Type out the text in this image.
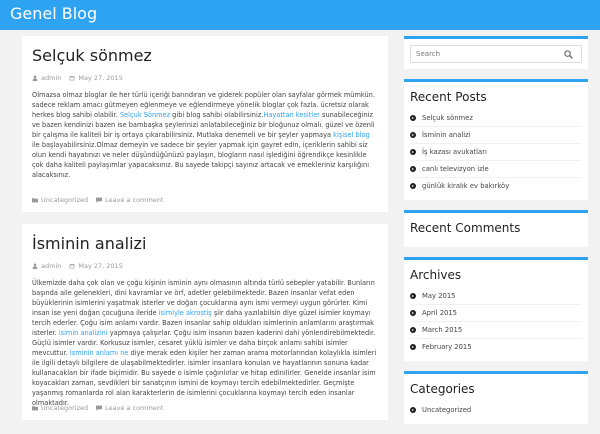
Genel Blog
Selçuk sönmez
admin	May 27, 2015
Olmazsa olmaz bloglar ile her türlü içeriği barındıran ve giderek popüler olan sayfalar görmek mümkün. sadece reklam amacı gütmeyen eğlenmeye ve eğlendirmeye yönelik bloglar çok fazla. ücretsiz olarak herkes blog sahibi olabilir. Selçuk Sönmez gibi blog sahibi olabilirsiniz.Hayattan kesitler sunabileceğiniz ve bazen kendinizi bazen ise bambaşka şeylerinizi anlatabileceğiniz bir bloğunuz olmalı. güzel ve özenli bir çalışma ile kaliteli bir iş ortaya çıkarabilirsiniz. Mutlaka denemeli ve bir şeyler yapmaya kişisel blog ile başlayabilirsiniz.Olmaz demeyin ve sadece bir şeyler yapmak için gayret edin, içeriklerin sahibi siz olun kendi hayatınızı ve neler düşündüğünüzü paylaşın, blogların nasıl işlediğini öğrendikçe kesinlikle çok daha kaliteli paylaşımlar yapacaksınız. Bu sayede takipçi sayınız artacak ve emekleriniz karşılığını alacaksınız.
Uncategorized	Leave a comment
İsminin analizi
admin	May 27, 2015
Ülkemizde daha çok olan ve çoğu kişinin isminin aynı olmasının altında türlü sebepler yatabilir. Bunların başında aile gelenekleri, dini kavramlar ve örf, adetler gelebilmektedir. Bazen insanlar vefat eden büyüklerinin isimlerini yaşatmak isterler ve doğan çocuklarına aynı ismi vermeyi uygun görürler. Kimi insan ise yeni doğan çocuğuna ileride isimiyle akrostiş şiir daha yazılabilsin diye güzel isimler koymayı tercih ederler. Çoğu isim anlamı vardır. Bazen insanlar sahip oldukları isimlerinin anlamlarını araştırmak isterler. isimin analizini yapmaya çalışırlar. Çoğu isim insanın bazen kaderini dahi yönlendirebilmektedir. Güçlü isimler vardır. Korkusuz isimler, cesaret yüklü isimler ve daha birçok anlamı sahibi isimler mevcuttur. İsminin anlamı ne diye merak eden kişiler her zaman arama motorlarından kolaylıkla isimleri ile ilgili detaylı bilgilere de ulaşabilmektedirler. isimler insanlara konulan ve hayatlarının sonuna kadar kullanacakları bir ifade biçimidir. Bu sayede o isimle çağırılırlar ve hitap edinilirler. Genelde insanlar isim koyacakları zaman, sevdikleri bir sanatçının ismini de koymayı tercih edebilmektedirler. Geçmişte yaşanmış romanlarda rol alan karakterlerin de isimlerini çocuklarına koymayı tercih eden insanlar olmaktadır.
Uncategorized	Leave a comment
Search
Recent Posts
Selçuk sönmez
İsminin analizi
İş kazası avukatları
canlı televizyon izle
günlük kiralık ev bakırköy
Recent Comments
Archives
May 2015
April 2015
March 2015
February 2015
Categories
Uncategorized
